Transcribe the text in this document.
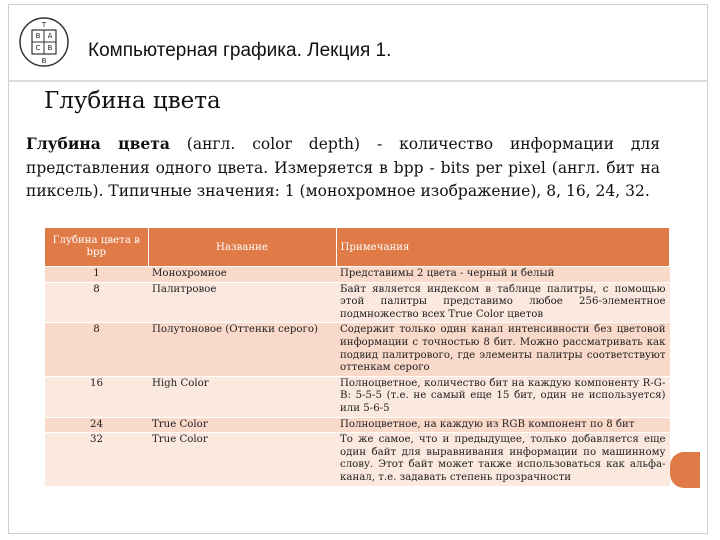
T
B A
C B
B Компьютерная графика. Лекция 1.
Глубина цвета
Глубина цвета (англ. color depth) - количество информации для представления одного цвета. Измеряется в bpp - bits per pixel (англ. бит на пиксель). Типичные значения: 1 (монохромное изображение), 8, 16, 24, 32.
Глубина цвета в bpp	Название	Примечания
1	Монохромное	Представимы 2 цвета - черный и белый
8	Палитровое	Байт является индексом в таблице палитры, с помощью этой палитры представимо любое 256-элементное подмножество всех True Color цветов
8	Полутоновое (Оттенки серого)	Содержит только один канал интенсивности без цветовой информации с точностью 8 бит. Можно рассматривать как подвид палитрового, где элементы палитры соответствуют оттенкам серого
16	High Color	Полноцветное, количество бит на каждую компоненту R-G-B: 5-5-5 (т.е. не самый еще 15 бит, один не используется) или 5-6-5
24	True Color	Полноцветное, на каждую из RGB компонент по 8 бит
32	True Color	То же самое, что и предыдущее, только добавляется еще один байт для выравнивания информации по машинному слову. Этот байт может также использоваться как альфа-канал, т.е. задавать степень прозрачности
